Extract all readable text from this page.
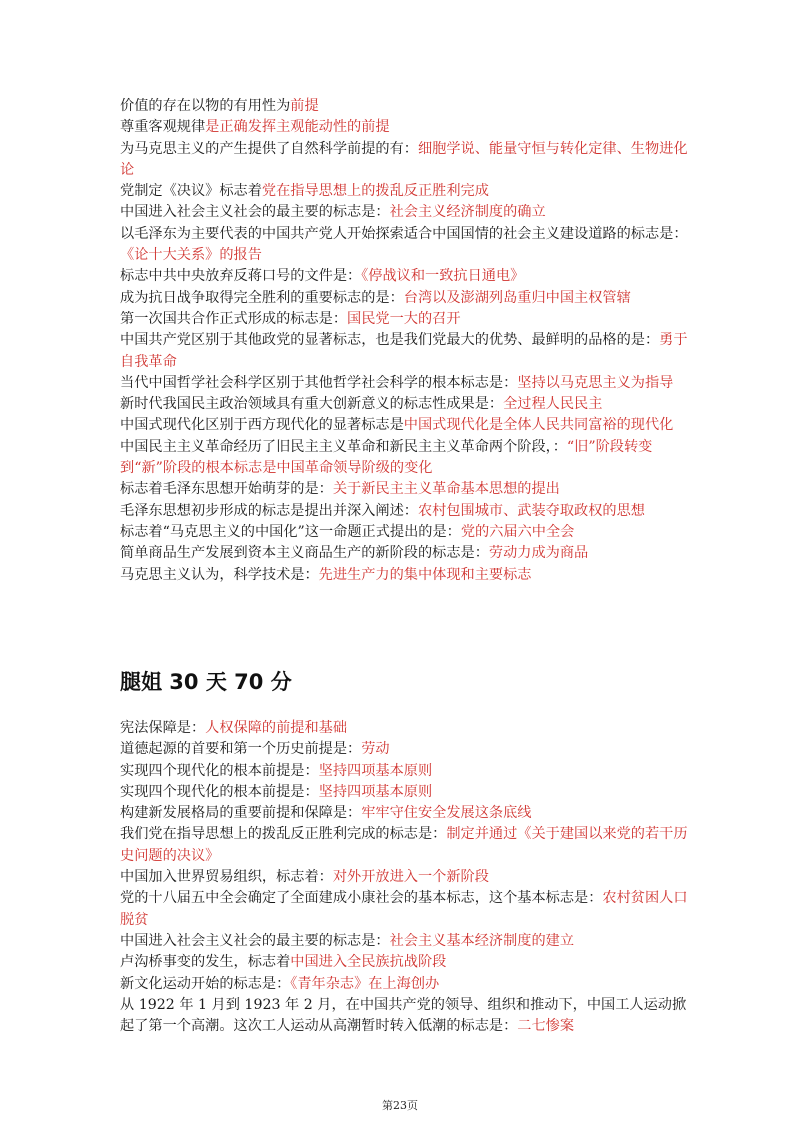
价值的存在以物的有用性为前提

尊重客观规律是正确发挥主观能动性的前提

为马克思主义的产生提供了自然科学前提的有：细胞学说、能量守恒与转化定律、生物进化论

党制定《决议》标志着党在指导思想上的拨乱反正胜利完成

中国进入社会主义社会的最主要的标志是：社会主义经济制度的确立

以毛泽东为主要代表的中国共产党人开始探索适合中国国情的社会主义建设道路的标志是：《论十大关系》的报告

标志中共中央放弃反蒋口号的文件是：《停战议和一致抗日通电》

成为抗日战争取得完全胜利的重要标志的是：台湾以及澎湖列岛重归中国主权管辖

第一次国共合作正式形成的标志是：国民党一大的召开

中国共产党区别于其他政党的显著标志，也是我们党最大的优势、最鲜明的品格的是：勇于自我革命

当代中国哲学社会科学区别于其他哲学社会科学的根本标志是：坚持以马克思主义为指导

新时代我国民主政治领域具有重大创新意义的标志性成果是：全过程人民民主

中国式现代化区别于西方现代化的显著标志是中国式现代化是全体人民共同富裕的现代化

中国民主主义革命经历了旧民主主义革命和新民主主义革命两个阶段，：“旧”阶段转变到“新”阶段的根本标志是中国革命领导阶级的变化

标志着毛泽东思想开始萌芽的是：关于新民主主义革命基本思想的提出

毛泽东思想初步形成的标志是提出并深入阐述：农村包围城市、武装夺取政权的思想

标志着“马克思主义的中国化”这一命题正式提出的是：党的六届六中全会

简单商品生产发展到资本主义商品生产的新阶段的标志是：劳动力成为商品

马克思主义认为，科学技术是：先进生产力的集中体现和主要标志

腿姐 30 天 70 分

宪法保障是：人权保障的前提和基础

道德起源的首要和第一个历史前提是：劳动

实现四个现代化的根本前提是：坚持四项基本原则

实现四个现代化的根本前提是：坚持四项基本原则

构建新发展格局的重要前提和保障是：牢牢守住安全发展这条底线

我们党在指导思想上的拨乱反正胜利完成的标志是：制定并通过《关于建国以来党的若干历史问题的决议》

中国加入世界贸易组织，标志着：对外开放进入一个新阶段

党的十八届五中全会确定了全面建成小康社会的基本标志，这个基本标志是：农村贫困人口脱贫

中国进入社会主义社会的最主要的标志是：社会主义基本经济制度的建立

卢沟桥事变的发生，标志着中国进入全民族抗战阶段

新文化运动开始的标志是：《青年杂志》在上海创办

从 1922 年 1 月到 1923 年 2 月，在中国共产党的领导、组织和推动下，中国工人运动掀起了第一个高潮。这次工人运动从高潮暂时转入低潮的标志是：二七惨案

第23页
